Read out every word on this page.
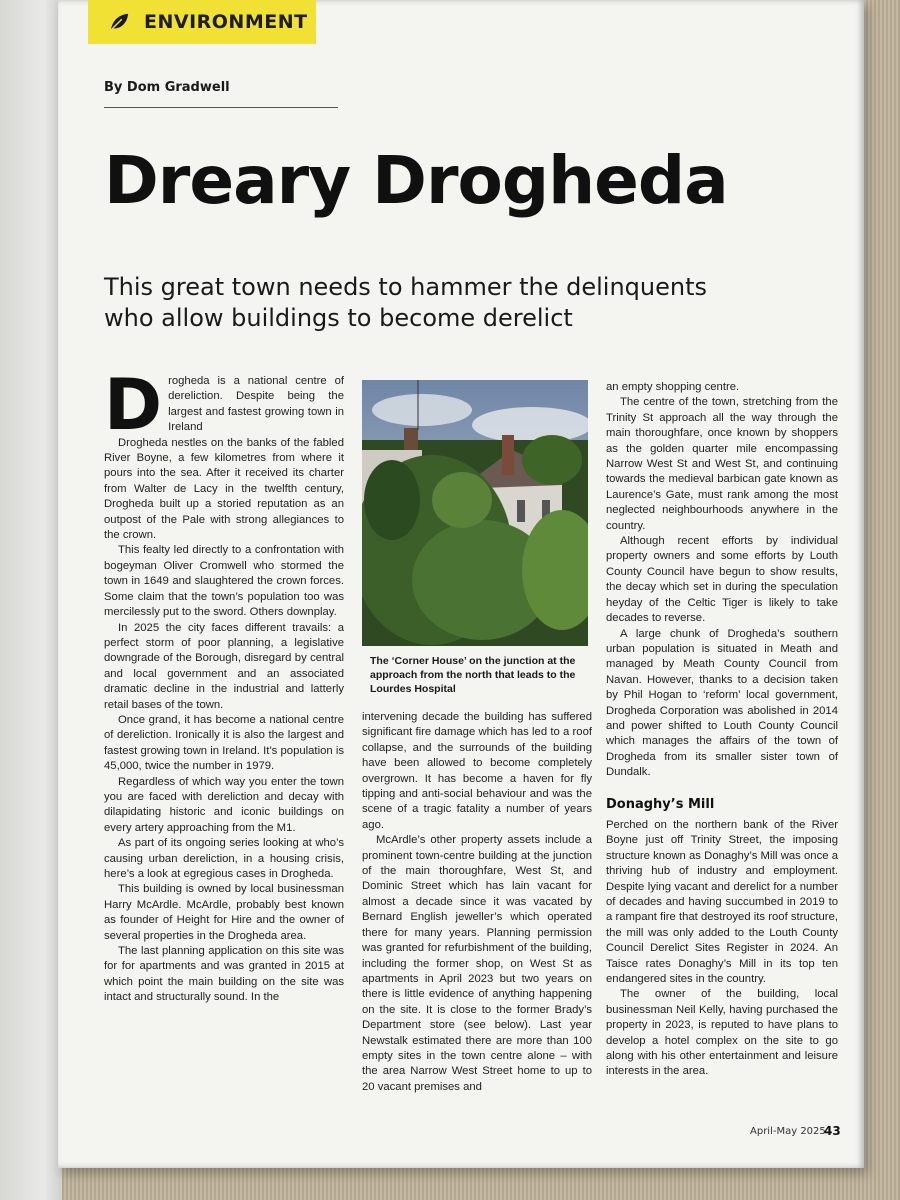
ENVIRONMENT
By Dom Gradwell
Dreary Drogheda
This great town needs to hammer the delinquents
who allow buildings to become derelict
D rogheda is a national centre of dereliction. Despite being the largest and fastest growing town in Ireland

Drogheda nestles on the banks of the fabled River Boyne, a few kilometres from where it pours into the sea. After it received its charter from Walter de Lacy in the twelfth century, Drogheda built up a storied reputation as an outpost of the Pale with strong allegiances to the crown.

This fealty led directly to a confrontation with bogeyman Oliver Cromwell who stormed the town in 1649 and slaughtered the crown forces. Some claim that the town’s population too was mercilessly put to the sword. Others downplay.

In 2025 the city faces different travails: a perfect storm of poor planning, a legislative downgrade of the Borough, disregard by central and local government and an associated dramatic decline in the industrial and latterly retail bases of the town.

Once grand, it has become a national centre of dereliction. Ironically it is also the largest and fastest growing town in Ireland. It’s population is 45,000, twice the number in 1979.

Regardless of which way you enter the town you are faced with dereliction and decay with dilapidating historic and iconic buildings on every artery approaching from the M1.

As part of its ongoing series looking at who’s causing urban dereliction, in a housing crisis, here’s a look at egregious cases in Drogheda.

This building is owned by local businessman Harry McArdle. McArdle, probably best known as founder of Height for Hire and the owner of several properties in the Drogheda area.

The last planning application on this site was for for apartments and was granted in 2015 at which point the main building on the site was intact and structurally sound. In the

The ‘Corner House’ on the junction at the approach from the north that leads to the Lourdes Hospital

intervening decade the building has suffered significant fire damage which has led to a roof collapse, and the surrounds of the building have been allowed to become completely overgrown. It has become a haven for fly tipping and anti-social behaviour and was the scene of a tragic fatality a number of years ago.

McArdle’s other property assets include a prominent town-centre building at the junction of the main thoroughfare, West St, and Dominic Street which has lain vacant for almost a decade since it was vacated by Bernard English jeweller’s which operated there for many years. Planning permission was granted for refurbishment of the building, including the former shop, on West St as apartments in April 2023 but two years on there is little evidence of anything happening on the site. It is close to the former Brady’s Department store (see below). Last year Newstalk estimated there are more than 100 empty sites in the town centre alone – with the area Narrow West Street home to up to 20 vacant premises and

an empty shopping centre.

The centre of the town, stretching from the Trinity St approach all the way through the main thoroughfare, once known by shoppers as the golden quarter mile encompassing Narrow West St and West St, and continuing towards the medieval barbican gate known as Laurence’s Gate, must rank among the most neglected neighbourhoods anywhere in the country.

Although recent efforts by individual property owners and some efforts by Louth County Council have begun to show results, the decay which set in during the speculation heyday of the Celtic Tiger is likely to take decades to reverse.

A large chunk of Drogheda’s southern urban population is situated in Meath and managed by Meath County Council from Navan. However, thanks to a decision taken by Phil Hogan to ‘reform’ local government, Drogheda Corporation was abolished in 2014 and power shifted to Louth County Council which manages the affairs of the town of Drogheda from its smaller sister town of Dundalk.

Donaghy’s Mill

Perched on the northern bank of the River Boyne just off Trinity Street, the imposing structure known as Donaghy’s Mill was once a thriving hub of industry and employment. Despite lying vacant and derelict for a number of decades and having succumbed in 2019 to a rampant fire that destroyed its roof structure, the mill was only added to the Louth County Council Derelict Sites Register in 2024. An Taisce rates Donaghy’s Mill in its top ten endangered sites in the country.

The owner of the building, local businessman Neil Kelly, having purchased the property in 2023, is reputed to have plans to develop a hotel complex on the site to go along with his other entertainment and leisure interests in the area.

April-May 2025
43
